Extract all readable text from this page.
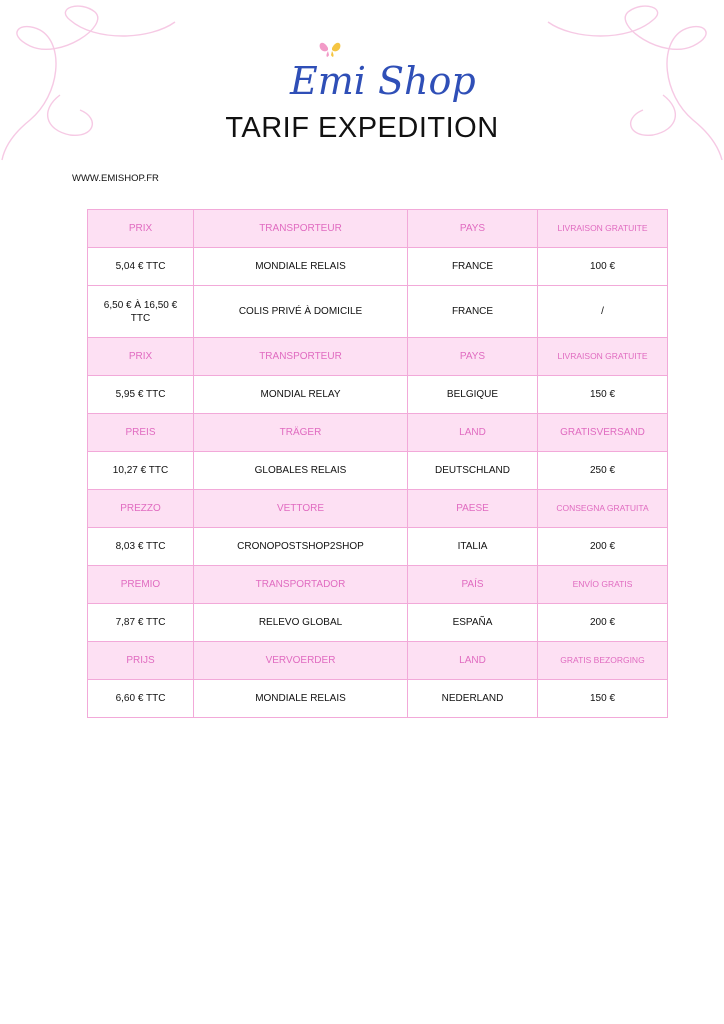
Emi Shop
TARIF EXPEDITION
WWW.EMISHOP.FR
PRIX	TRANSPORTEUR	PAYS	LIVRAISON GRATUITE
5,04 € TTC	MONDIALE RELAIS	FRANCE	100 €
6,50 € À 16,50 € TTC	COLIS PRIVÉ À DOMICILE	FRANCE	/
PRIX	TRANSPORTEUR	PAYS	LIVRAISON GRATUITE
5,95 € TTC	MONDIAL RELAY	BELGIQUE	150 €
PREIS	TRÄGER	LAND	GRATISVERSAND
10,27 € TTC	GLOBALES RELAIS	DEUTSCHLAND	250 €
PREZZO	VETTORE	PAESE	CONSEGNA GRATUITA
8,03 € TTC	CRONOPOSTSHOP2SHOP	ITALIA	200 €
PREMIO	TRANSPORTADOR	PAÍS	ENVÍO GRATIS
7,87 € TTC	RELEVO GLOBAL	ESPAÑA	200 €
PRIJS	VERVOERDER	LAND	GRATIS BEZORGING
6,60 € TTC	MONDIALE RELAIS	NEDERLAND	150 €
